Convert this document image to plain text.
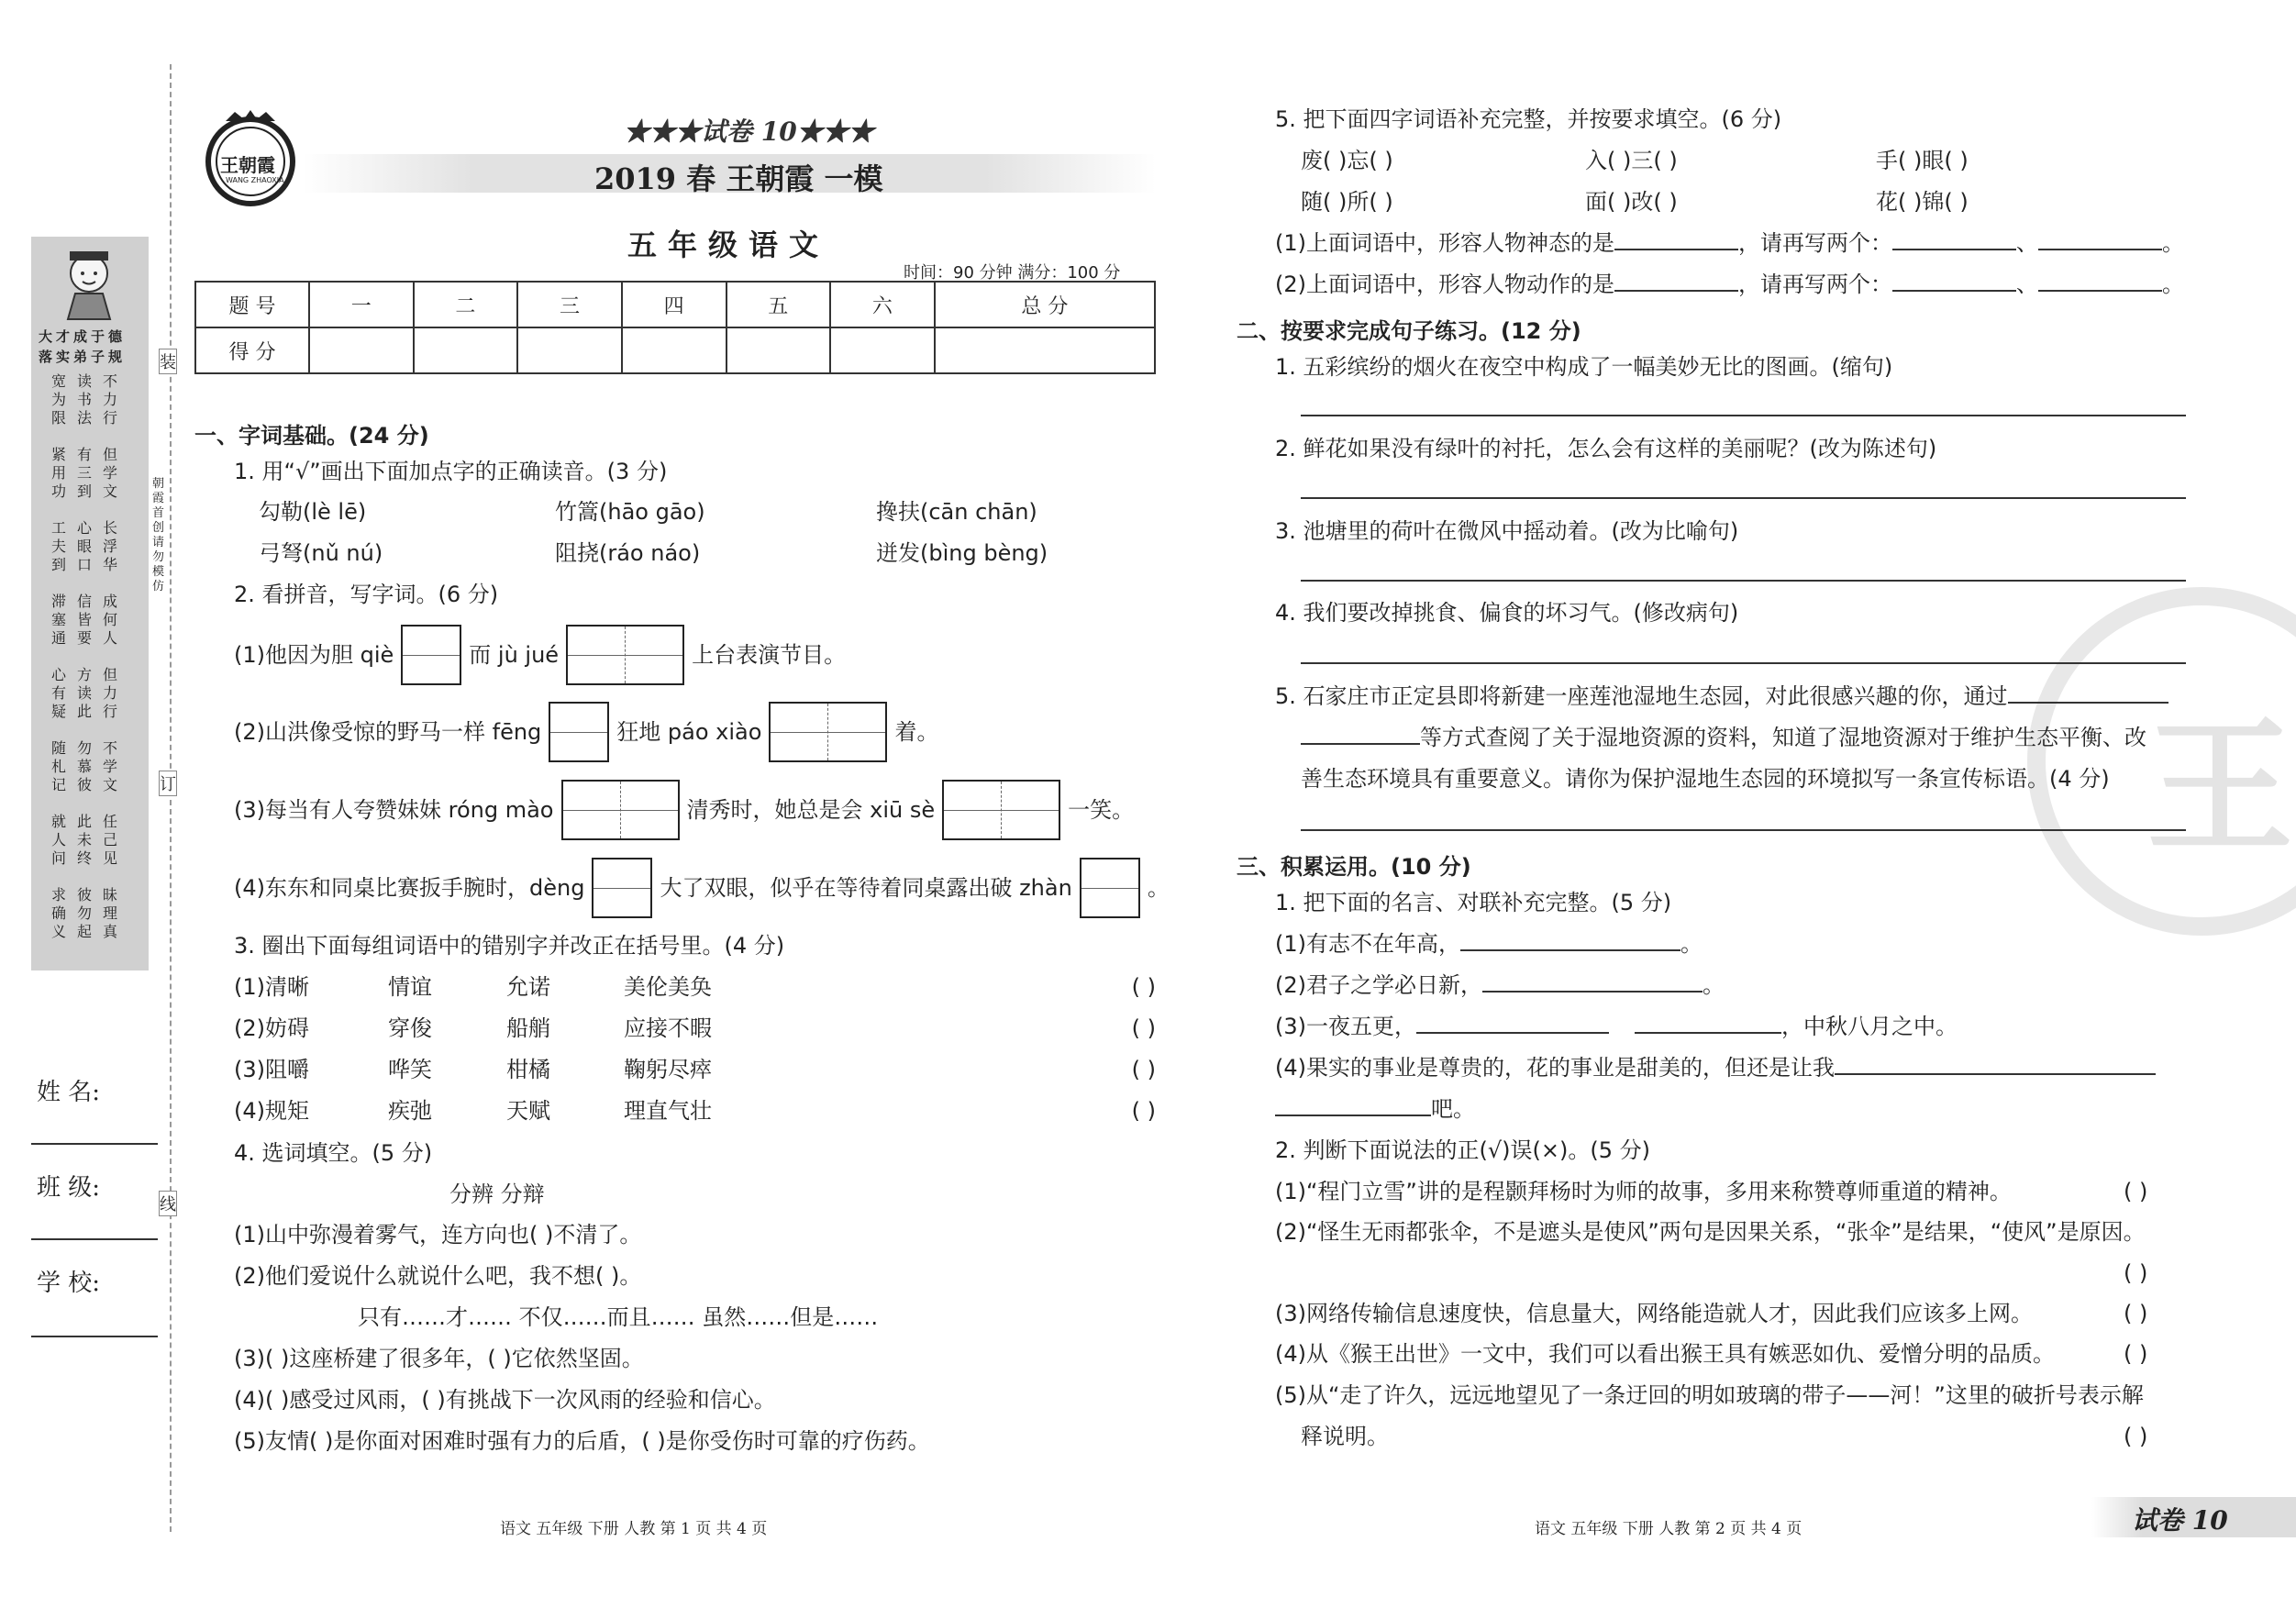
大才成于德
落实弟子规
宽为限
紧用功
工夫到
滞塞通
心有疑
随札记
就人问
求确义
读书法
有三到
心眼口
信皆要
方读此
勿慕彼
此未终
彼勿起
不力行
但学文
长浮华
成何人
但力行
不学文
任己见
昧理真
朝霞首创 请勿模仿
装
订
线
姓 名:
班 级:
学 校:
王朝霞
WANG ZHAOXIA
★★★试卷 10★★★
2019 春 王朝霞 一模
五年级语文
时间：90 分钟 满分：100 分
题 号	一	二	三	四	五	六	总 分
得 分							
一、字词基础。(24 分)
1. 用“√”画出下面加点字的正确读音。(3 分)
勾勒(lè lē)	竹篙(hāo gāo)	搀扶(cān chān)
弓弩(nǔ nú)	阻挠(ráo náo)	迸发(bìng bèng)
2. 看拼音，写字词。(6 分)
(1)他因为胆 qiè	而 jù jué	上台表演节目。
(2)山洪像受惊的野马一样 fēng	狂地 páo xiào	着。
(3)每当有人夸赞妹妹 róng mào	清秀时，她总是会 xiū sè	一笑。
(4)东东和同桌比赛扳手腕时，dèng	大了双眼，似乎在等待着同桌露出破 zhàn	。
3. 圈出下面每组词语中的错别字并改正在括号里。(4 分)
(1)清晰	情谊	允诺	美伦美奂	( )
(2)妨碍	穿俊	船艄	应接不暇	( )
(3)阻嚼	哗笑	柑橘	鞠躬尽瘁	( )
(4)规矩	疾弛	天赋	理直气壮	( )
4. 选词填空。(5 分)
分辨 分辩
(1)山中弥漫着雾气，连方向也( )不清了。
(2)他们爱说什么就说什么吧，我不想( )。
只有……才…… 不仅……而且…… 虽然……但是……
(3)( )这座桥建了很多年，( )它依然坚固。
(4)( )感受过风雨，( )有挑战下一次风雨的经验和信心。
(5)友情( )是你面对困难时强有力的后盾，( )是你受伤时可靠的疗伤药。
语文 五年级 下册 人教 第 1 页 共 4 页
王
5. 把下面四字词语补充完整，并按要求填空。(6 分)
废( )忘( )	入( )三( )	手( )眼( )
随( )所( )	面( )改( )	花( )锦( )
(1)上面词语中，形容人物神态的是	，请再写两个：	、	。
(2)上面词语中，形容人物动作的是	，请再写两个：	、	。
二、按要求完成句子练习。(12 分)
1. 五彩缤纷的烟火在夜空中构成了一幅美妙无比的图画。(缩句)
2. 鲜花如果没有绿叶的衬托，怎么会有这样的美丽呢？(改为陈述句)
3. 池塘里的荷叶在微风中摇动着。(改为比喻句)
4. 我们要改掉挑食、偏食的坏习气。(修改病句)
5. 石家庄市正定县即将新建一座莲池湿地生态园，对此很感兴趣的你，通过
等方式查阅了关于湿地资源的资料，知道了湿地资源对于维护生态平衡、改
善生态环境具有重要意义。请你为保护湿地生态园的环境拟写一条宣传标语。(4 分)
三、积累运用。(10 分)
1. 把下面的名言、对联补充完整。(5 分)
(1)有志不在年高，	。
(2)君子之学必日新，	。
(3)一夜五更，	，中秋八月之中。
(4)果实的事业是尊贵的，花的事业是甜美的，但还是让我
吧。
2. 判断下面说法的正(√)误(×)。(5 分)
(1)“程门立雪”讲的是程颢拜杨时为师的故事，多用来称赞尊师重道的精神。	( )
(2)“怪生无雨都张伞，不是遮头是使风”两句是因果关系，“张伞”是结果，“使风”是原因。
( )
(3)网络传输信息速度快，信息量大，网络能造就人才，因此我们应该多上网。	( )
(4)从《猴王出世》一文中，我们可以看出猴王具有嫉恶如仇、爱憎分明的品质。	( )
(5)从“走了许久，远远地望见了一条迂回的明如玻璃的带子——河！”这里的破折号表示解
释说明。	( )
语文 五年级 下册 人教 第 2 页 共 4 页	试卷 10
